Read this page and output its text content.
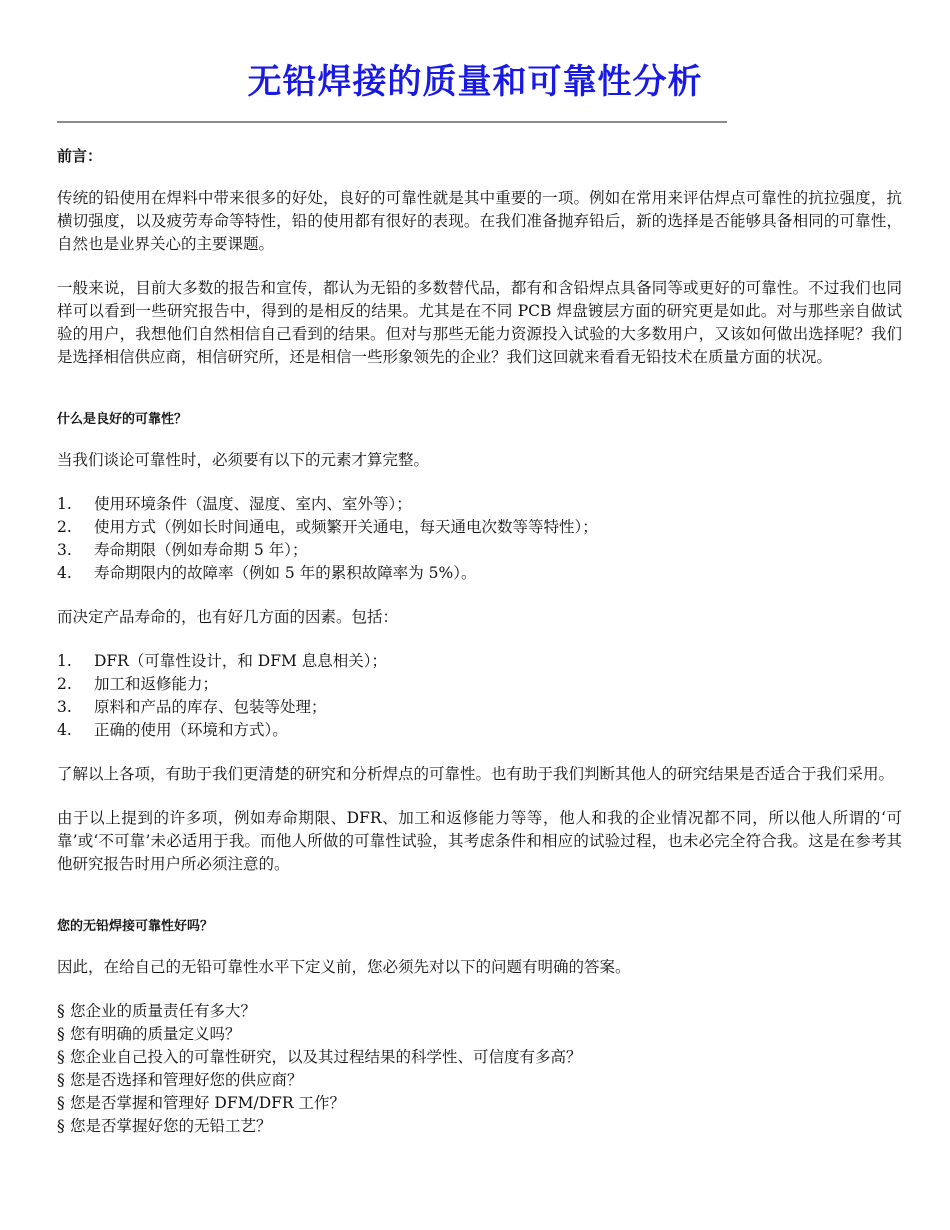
无铅焊接的质量和可靠性分析
前言：

传统的铅使用在焊料中带来很多的好处，良好的可靠性就是其中重要的一项。例如在常用来评估焊点可靠性的抗拉强度，抗横切强度，以及疲劳寿命等特性，铅的使用都有很好的表现。在我们准备抛弃铅后，新的选择是否能够具备相同的可靠性，自然也是业界关心的主要课题。

一般来说，目前大多数的报告和宣传，都认为无铅的多数替代品，都有和含铅焊点具备同等或更好的可靠性。不过我们也同样可以看到一些研究报告中，得到的是相反的结果。尤其是在不同 PCB 焊盘镀层方面的研究更是如此。对与那些亲自做试验的用户，我想他们自然相信自己看到的结果。但对与那些无能力资源投入试验的大多数用户，又该如何做出选择呢？我们是选择相信供应商，相信研究所，还是相信一些形象领先的企业？我们这回就来看看无铅技术在质量方面的状况。

什么是良好的可靠性？

当我们谈论可靠性时，必须要有以下的元素才算完整。

1.	使用环境条件（温度、湿度、室内、室外等）；
2.	使用方式（例如长时间通电，或频繁开关通电，每天通电次数等等特性）；
3.	寿命期限（例如寿命期 5 年）；
4.	寿命期限内的故障率（例如 5 年的累积故障率为 5%）。

而决定产品寿命的，也有好几方面的因素。包括：

1.	DFR（可靠性设计，和 DFM 息息相关）；
2.	加工和返修能力；
3.	原料和产品的库存、包装等处理；
4.	正确的使用（环境和方式）。

了解以上各项，有助于我们更清楚的研究和分析焊点的可靠性。也有助于我们判断其他人的研究结果是否适合于我们采用。

由于以上提到的许多项，例如寿命期限、DFR、加工和返修能力等等，他人和我的企业情况都不同，所以他人所谓的‘可靠’或‘不可靠’未必适用于我。而他人所做的可靠性试验，其考虑条件和相应的试验过程，也未必完全符合我。这是在参考其他研究报告时用户所必须注意的。

您的无铅焊接可靠性好吗？

因此，在给自己的无铅可靠性水平下定义前，您必须先对以下的问题有明确的答案。

§ 您企业的质量责任有多大？
§ 您有明确的质量定义吗？
§ 您企业自己投入的可靠性研究，以及其过程结果的科学性、可信度有多高？
§ 您是否选择和管理好您的供应商？
§ 您是否掌握和管理好 DFM/DFR 工作？
§ 您是否掌握好您的无铅工艺？
